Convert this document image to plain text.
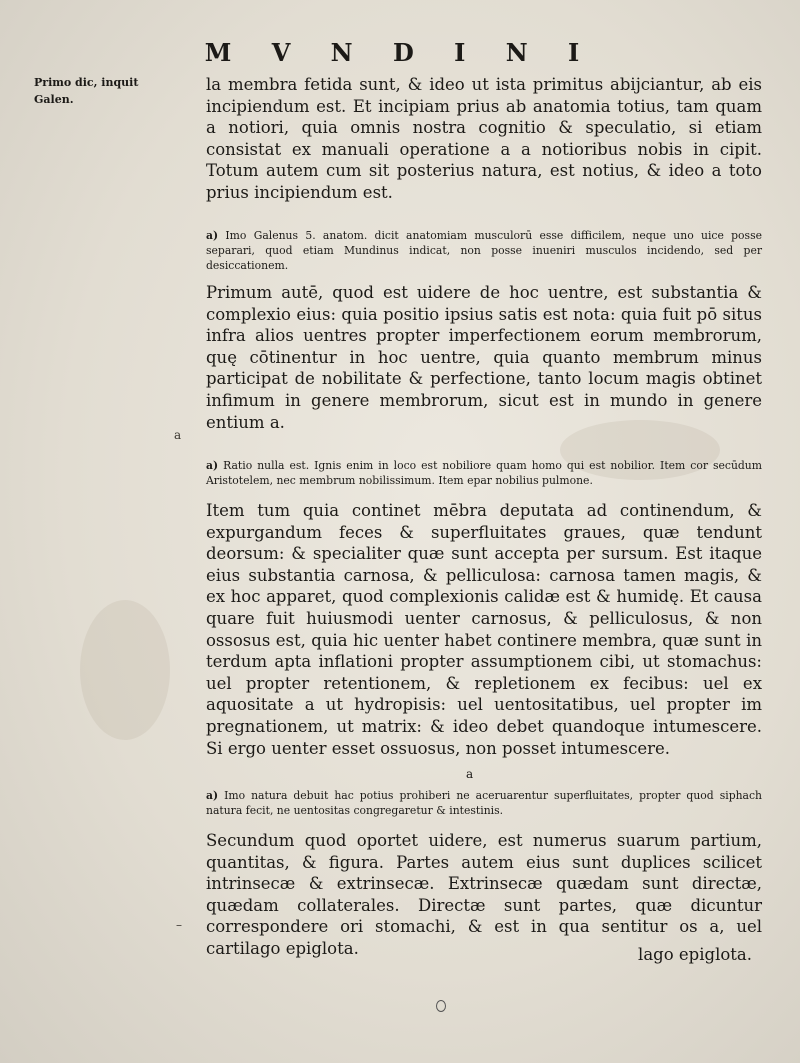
M V N D I N I
Primo dic, inquit
Galen.

la membra fetida sunt, & ideo ut ista primitus abijciantur, ab eis incipiendum est. Et incipiam prius ab anatomia totius, tam quam a notiori, quia omnis nostra cognitio & speculatio, si etiam consistat ex manuali operatione a a notioribus nobis in cipit. Totum autem cum sit posterius natura, est notius, & ideo a toto prius incipiendum est.

a) Imo Galenus 5. anatom. dicit anatomiam musculorū esse difficilem, neque uno uice posse separari, quod etiam Mundinus indicat, non posse inueniri musculos incidendo, sed per desiccationem.

Primum autē, quod est uidere de hoc uentre, est substantia & complexio eius: quia positio ipsius satis est nota: quia fuit pō situs infra alios uentres propter imperfectionem eorum membrorum, quę cōtinentur in hoc uentre, quia quanto membrum minus participat de nobilitate & perfectione, tanto locum magis obtinet infimum in genere membrorum, sicut est in mundo in genere entium a.

a

a) Ratio nulla est. Ignis enim in loco est nobiliore quam homo qui est nobilior. Item cor secūdum Aristotelem, nec membrum nobilissimum. Item epar nobilius pulmone.

Item tum quia continet mēbra deputata ad continendum, & expurgandum feces & superfluitates graues, quæ tendunt deorsum: & specialiter quæ sunt accepta per sursum. Est itaque eius substantia carnosa, & pelliculosa: carnosa tamen magis, & ex hoc apparet, quod complexionis calidæ est & humidę. Et causa quare fuit huiusmodi uenter carnosus, & pelliculosus, & non ossosus est, quia hic uenter habet continere membra, quæ sunt in terdum apta inflationi propter assumptionem cibi, ut stomachus: uel propter retentionem, & repletionem ex fecibus: uel ex aquositate a ut hydropisis: uel uentositatibus, uel propter im pregnationem, ut matrix: & ideo debet quandoque intumescere. Si ergo uenter esset ossuosus, non posset intumescere.

a

a) Imo natura debuit hac potius prohiberi ne aceruarentur superfluitates, propter quod siphach natura fecit, ne uentositas congregaretur & intestinis.

Secundum quod oportet uidere, est numerus suarum partium, quantitas, & figura. Partes autem eius sunt duplices scilicet intrinsecæ & extrinsecæ. Extrinsecæ quædam sunt directæ, quædam collaterales. Directæ sunt partes, quæ dicuntur correspondere ori stomachi, & est in qua sentitur os a, uel cartilago epiglota.

–
lago epiglota.
